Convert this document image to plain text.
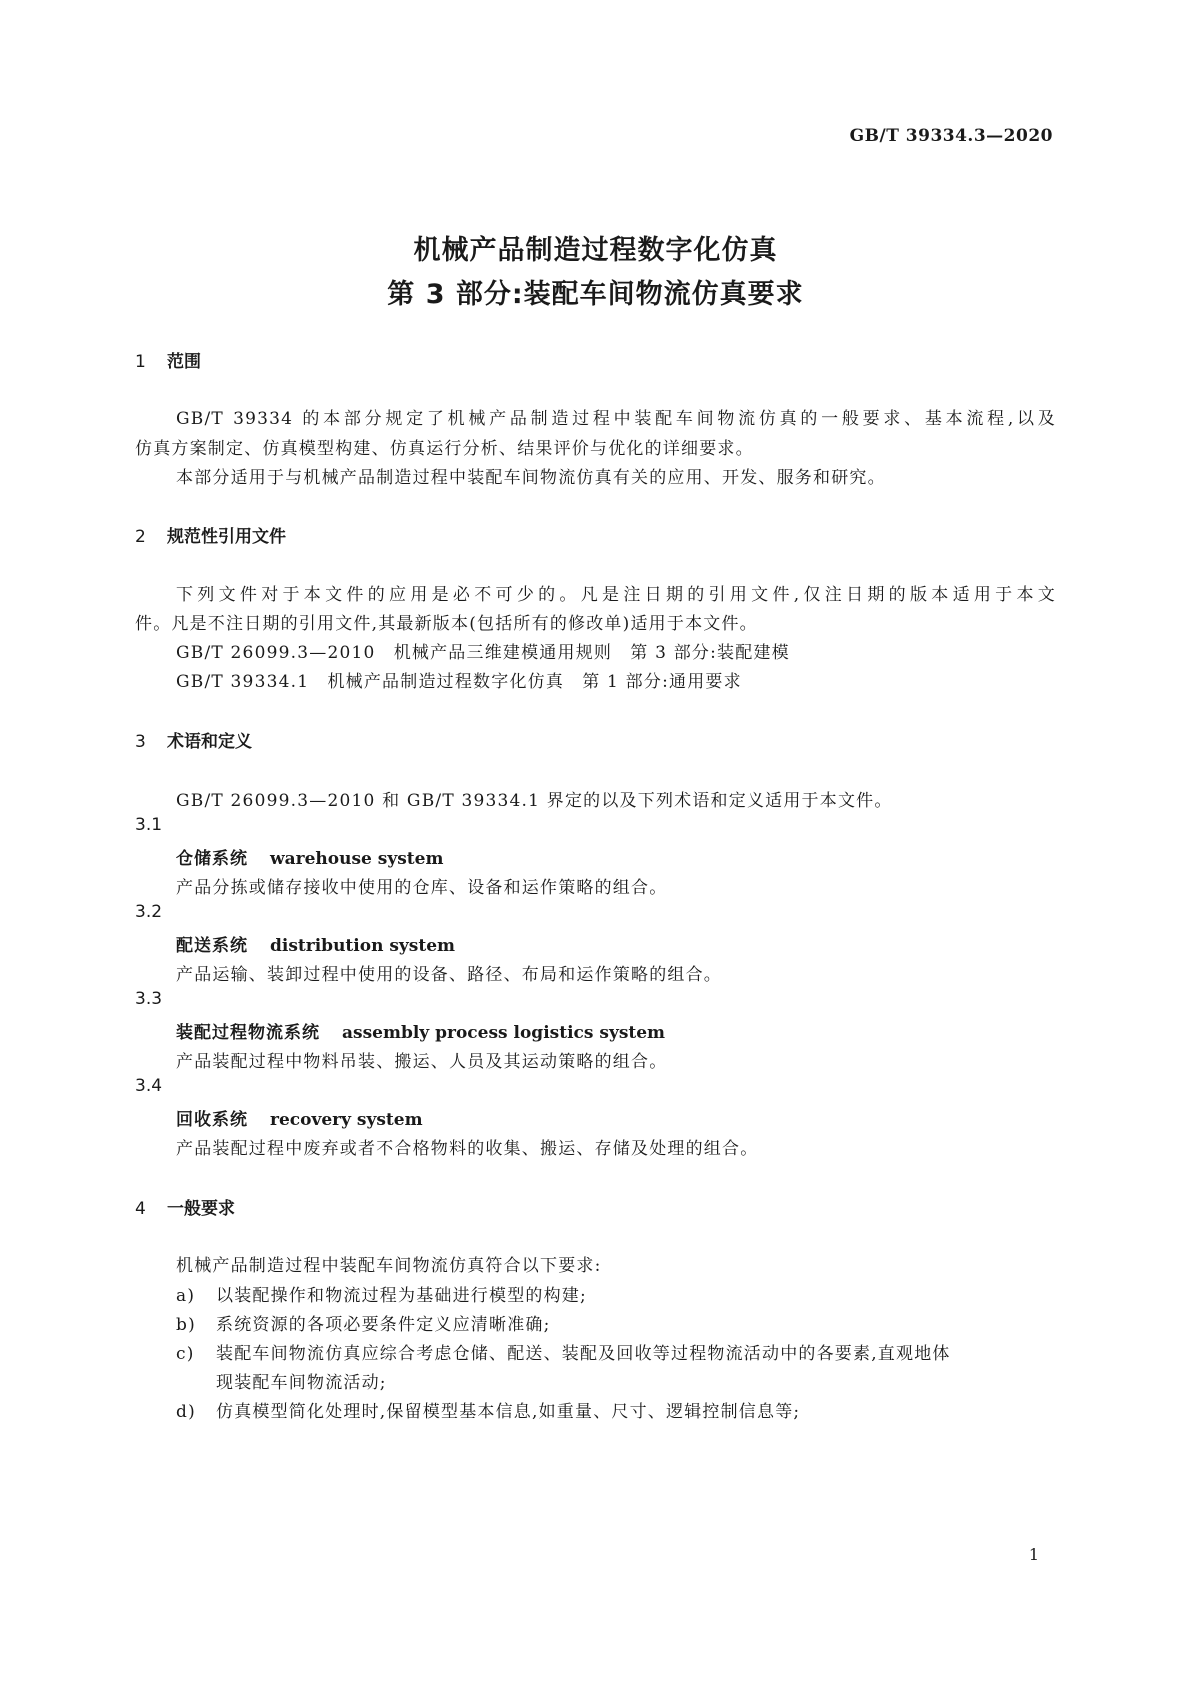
GB/T 39334.3—2020
机械产品制造过程数字化仿真
第 3 部分:装配车间物流仿真要求
1 范围
GB/T 39334 的本部分规定了机械产品制造过程中装配车间物流仿真的一般要求、基本流程,以及
仿真方案制定、仿真模型构建、仿真运行分析、结果评价与优化的详细要求。
本部分适用于与机械产品制造过程中装配车间物流仿真有关的应用、开发、服务和研究。
2 规范性引用文件
下列文件对于本文件的应用是必不可少的。凡是注日期的引用文件,仅注日期的版本适用于本文
件。凡是不注日期的引用文件,其最新版本(包括所有的修改单)适用于本文件。
GB/T 26099.3—2010　机械产品三维建模通用规则　第 3 部分:装配建模
GB/T 39334.1　机械产品制造过程数字化仿真　第 1 部分:通用要求
3 术语和定义
GB/T 26099.3—2010 和 GB/T 39334.1 界定的以及下列术语和定义适用于本文件。
3.1
仓储系统 warehouse system
产品分拣或储存接收中使用的仓库、设备和运作策略的组合。
3.2
配送系统 distribution system
产品运输、装卸过程中使用的设备、路径、布局和运作策略的组合。
3.3
装配过程物流系统 assembly process logistics system
产品装配过程中物料吊装、搬运、人员及其运动策略的组合。
3.4
回收系统 recovery system
产品装配过程中废弃或者不合格物料的收集、搬运、存储及处理的组合。
4 一般要求
机械产品制造过程中装配车间物流仿真符合以下要求:
a) 以装配操作和物流过程为基础进行模型的构建;
b) 系统资源的各项必要条件定义应清晰准确;
c) 装配车间物流仿真应综合考虑仓储、配送、装配及回收等过程物流活动中的各要素,直观地体
现装配车间物流活动;
d) 仿真模型简化处理时,保留模型基本信息,如重量、尺寸、逻辑控制信息等;
1
